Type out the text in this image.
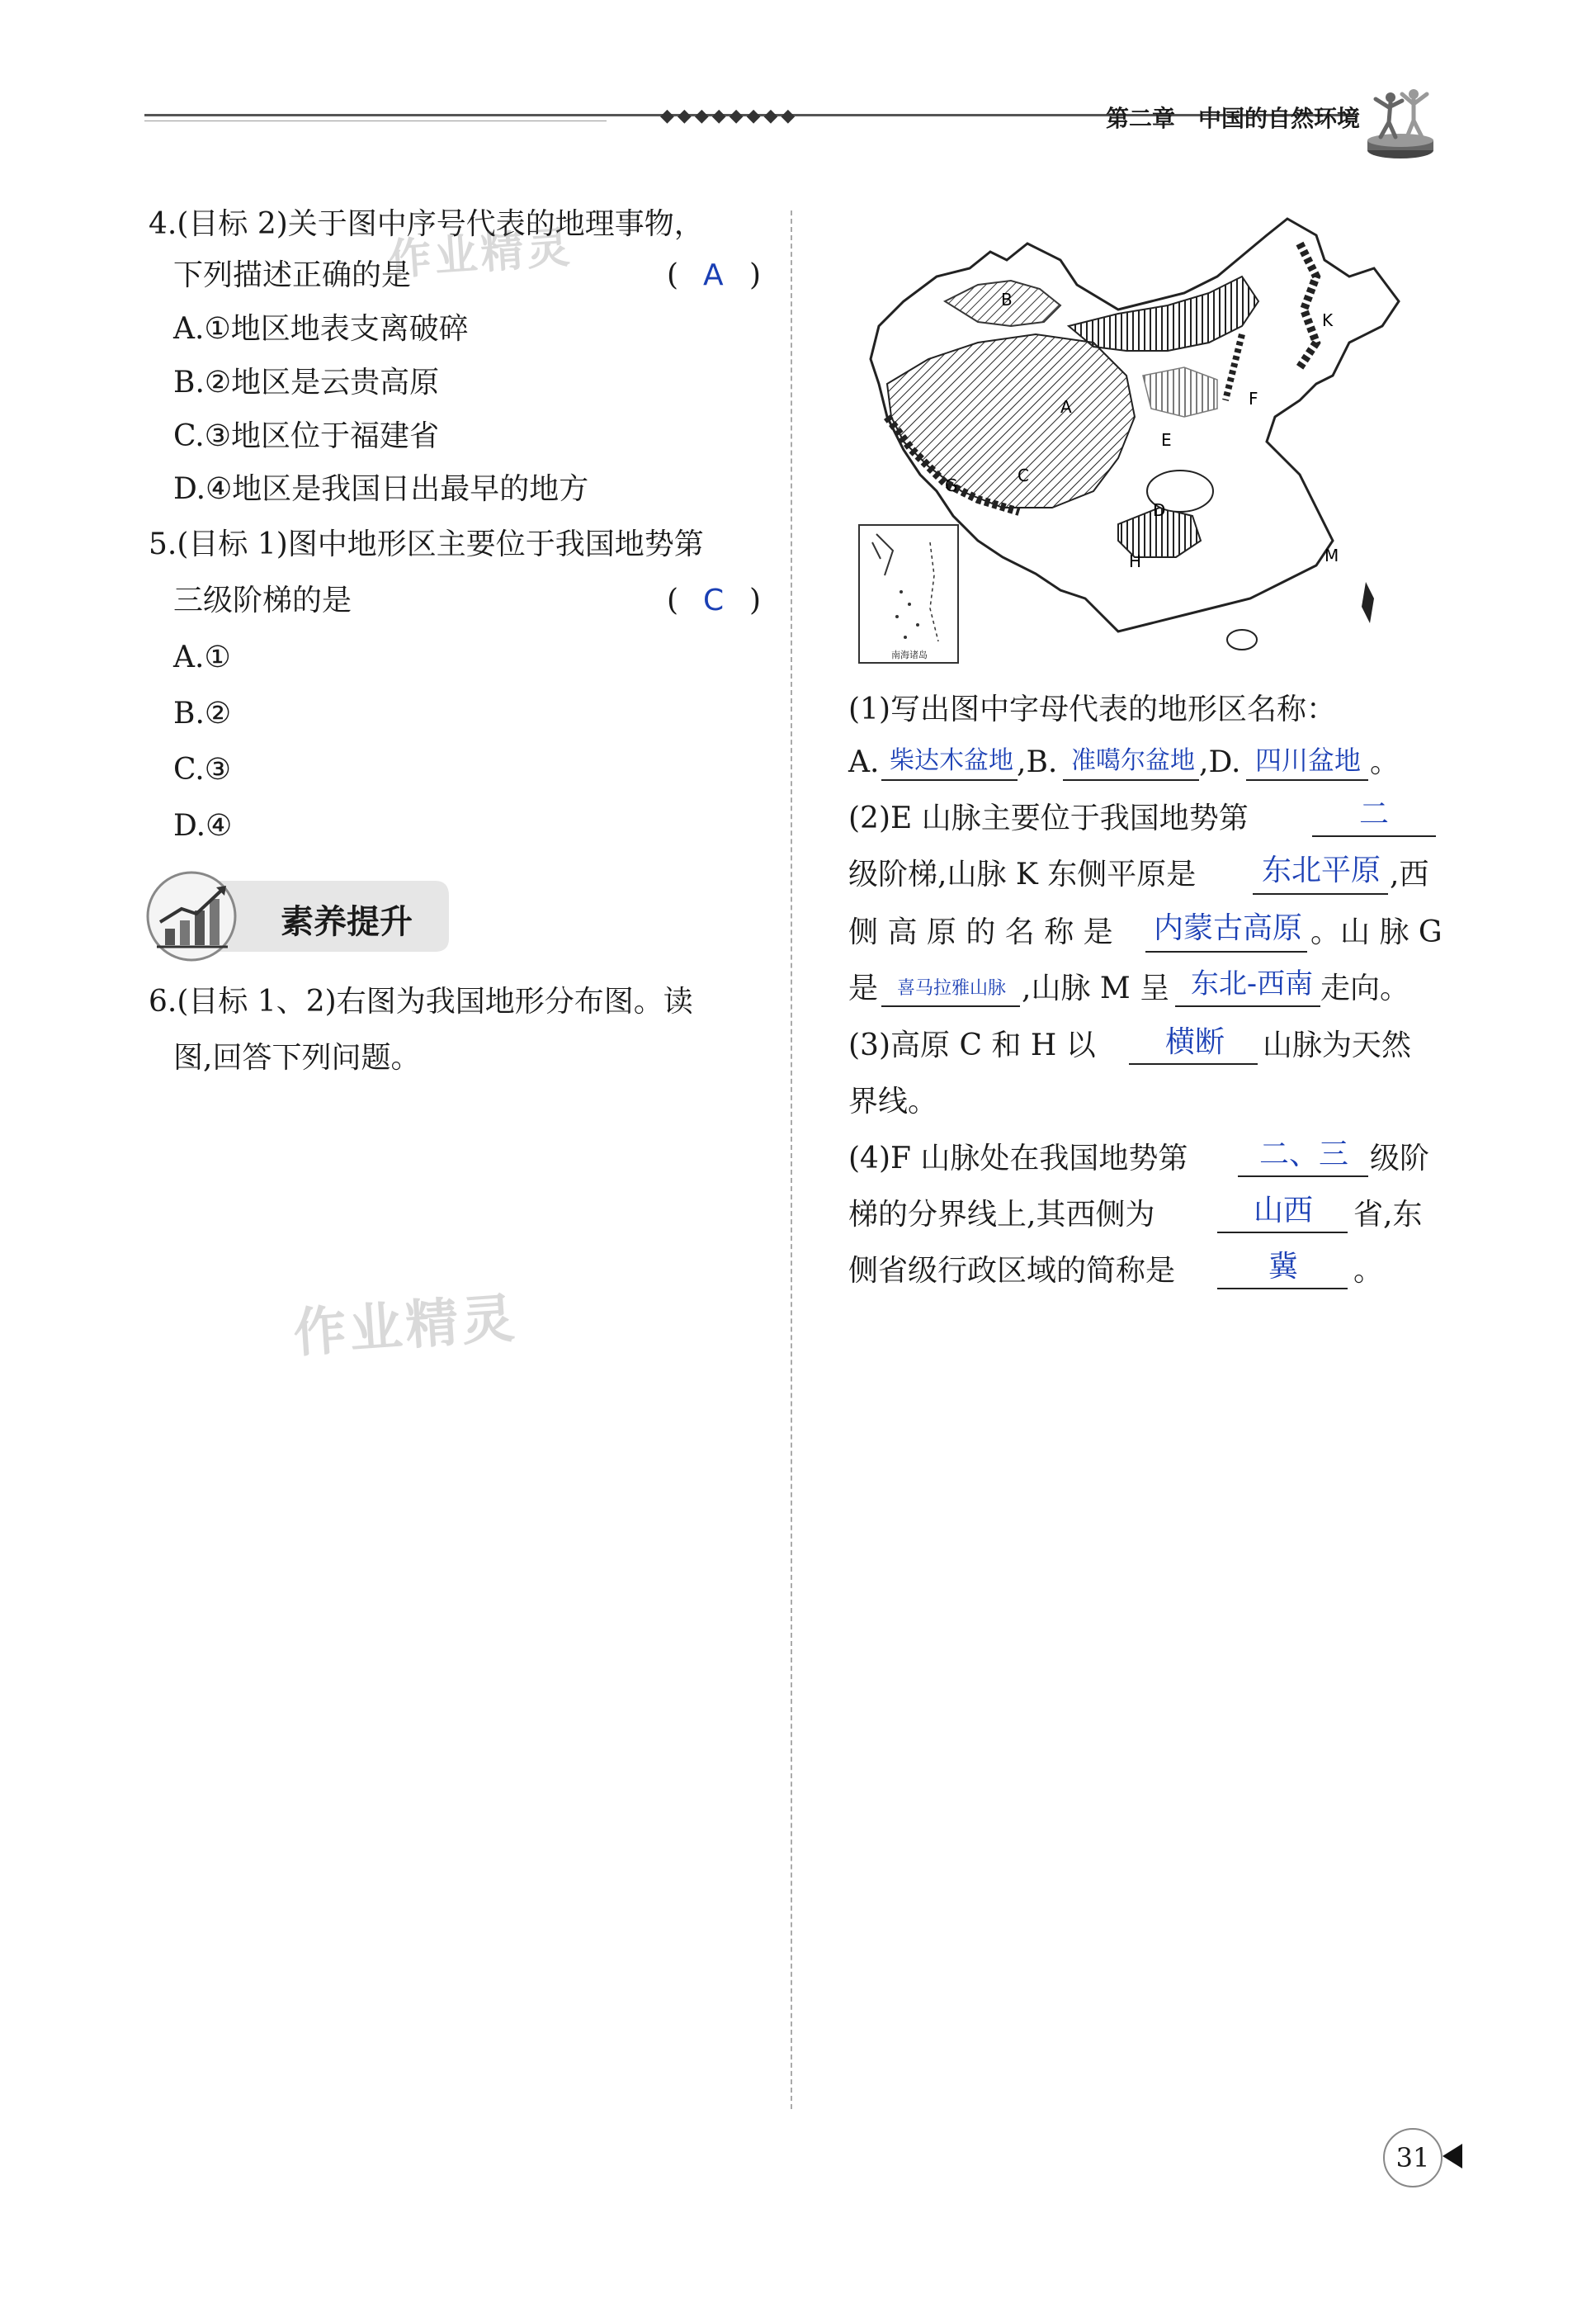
◆◆◆◆◆◆◆◆	第二章　中国的自然环境
4.(目标 2)关于图中序号代表的地理事物，
下列描述正确的是	( A )
A.①地区地表支离破碎
B.②地区是云贵高原
C.③地区位于福建省
D.④地区是我国日出最早的地方
5.(目标 1)图中地形区主要位于我国地势第
三级阶梯的是	( C )
A.①
B.②
C.③
D.④
素养提升
6.(目标 1、2)右图为我国地形分布图。读
图,回答下列问题。
作业精灵
作业精灵
B
A
K
F
E
C
G
D
H	M
南海诸岛
(1)写出图中字母代表的地形区名称：
A. 柴达木盆地 ,B. 准噶尔盆地 ,D. 四川盆地 。
(2)E 山脉主要位于我国地势第	二
级阶梯,山脉 K 东侧平原是	东北平原 ,西
侧 高 原 的 名 称 是 内蒙古高原 。山 脉 G
是	喜马拉雅山脉 ,山脉 M 呈 东北-西南 走向。
(3)高原 C 和 H 以	横断	山脉为天然
界线。
(4)F 山脉处在我国地势第	二、三 级阶
梯的分界线上,其西侧为	山西	省,东
侧省级行政区域的简称是	冀	。
31
